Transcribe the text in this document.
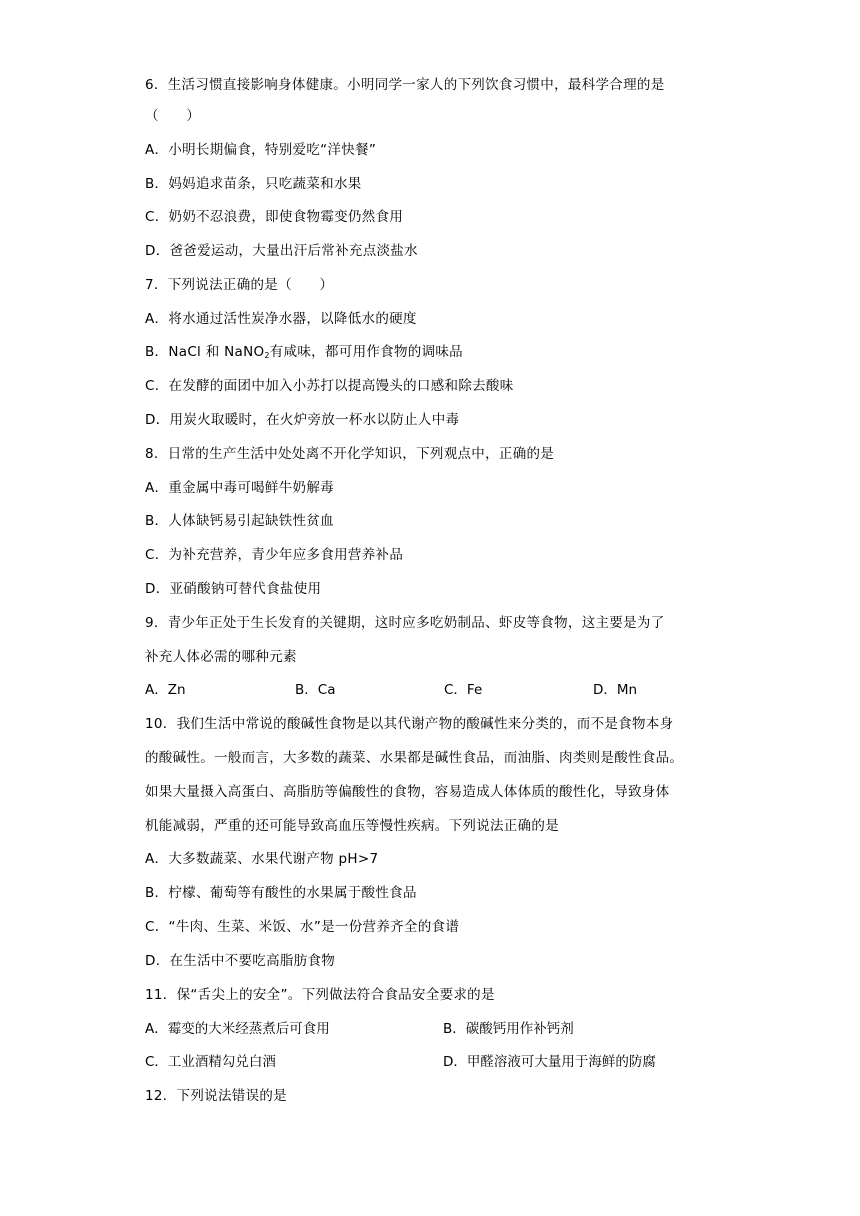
6．生活习惯直接影响身体健康。小明同学一家人的下列饮食习惯中，最科学合理的是
（　　）
A．小明长期偏食，特别爱吃“洋快餐”
B．妈妈追求苗条，只吃蔬菜和水果
C．奶奶不忍浪费，即使食物霉变仍然食用
D．爸爸爱运动，大量出汗后常补充点淡盐水
7．下列说法正确的是（　　）
A．将水通过活性炭净水器，以降低水的硬度
B．NaCl 和 NaNO$_2$有咸味，都可用作食物的调味品
C．在发酵的面团中加入小苏打以提高馒头的口感和除去酸味
D．用炭火取暖时，在火炉旁放一杯水以防止人中毒
8．日常的生产生活中处处离不开化学知识，下列观点中，正确的是
A．重金属中毒可喝鲜牛奶解毒
B．人体缺钙易引起缺铁性贫血
C．为补充营养，青少年应多食用营养补品
D．亚硝酸钠可替代食盐使用
9．青少年正处于生长发育的关键期，这时应多吃奶制品、虾皮等食物，这主要是为了
补充人体必需的哪种元素
A．Zn	B．Ca	C．Fe	D．Mn
10．我们生活中常说的酸碱性食物是以其代谢产物的酸碱性来分类的，而不是食物本身
的酸碱性。一般而言，大多数的蔬菜、水果都是碱性食品，而油脂、肉类则是酸性食品。
如果大量摄入高蛋白、高脂肪等偏酸性的食物，容易造成人体体质的酸性化，导致身体
机能减弱，严重的还可能导致高血压等慢性疾病。下列说法正确的是
A．大多数蔬菜、水果代谢产物 pH>7
B．柠檬、葡萄等有酸性的水果属于酸性食品
C．“牛肉、生菜、米饭、水”是一份营养齐全的食谱
D．在生活中不要吃高脂肪食物
11．保“舌尖上的安全”。下列做法符合食品安全要求的是
A．霉变的大米经蒸煮后可食用	B．碳酸钙用作补钙剂
C．工业酒精勾兑白酒	D．甲醛溶液可大量用于海鲜的防腐
12．下列说法错误的是
